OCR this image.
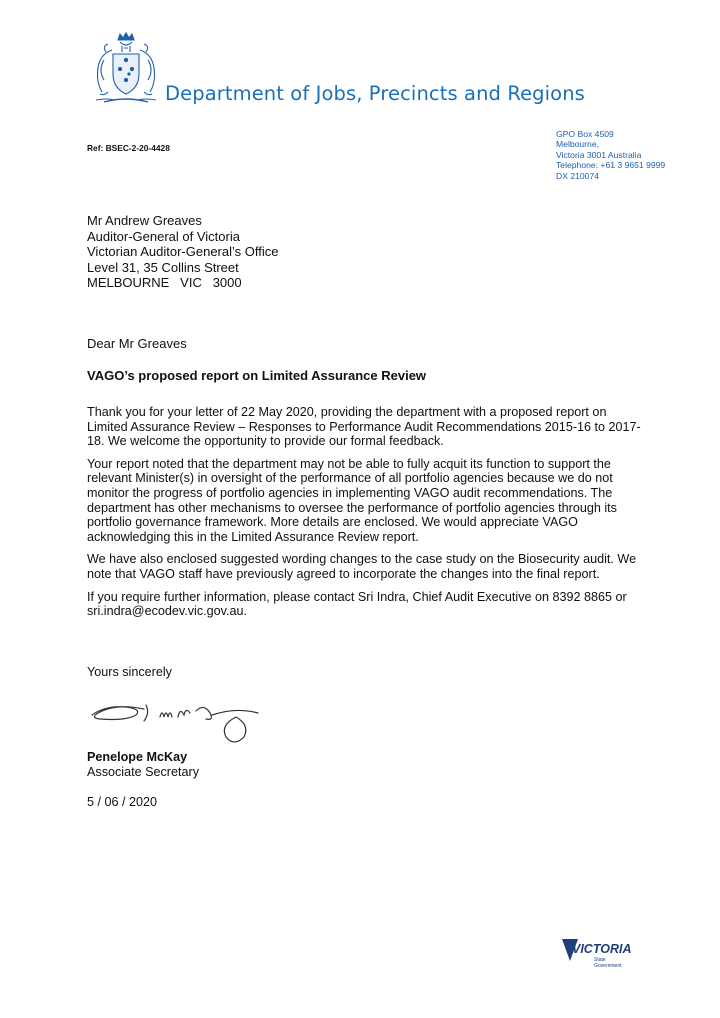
Department of Jobs, Precincts and Regions
Ref: BSEC-2-20-4428
GPO Box 4509
Melbourne,
Victoria 3001 Australia
Telephone: +61 3 9651 9999
DX 210074
Mr Andrew Greaves
Auditor-General of Victoria
Victorian Auditor-General’s Office
Level 31, 35 Collins Street
MELBOURNE   VIC   3000
Dear Mr Greaves
VAGO’s proposed report on Limited Assurance Review

Thank you for your letter of 22 May 2020, providing the department with a proposed report on Limited Assurance Review – Responses to Performance Audit Recommendations 2015-16 to 2017-18. We welcome the opportunity to provide our formal feedback.

Your report noted that the department may not be able to fully acquit its function to support the relevant Minister(s) in oversight of the performance of all portfolio agencies because we do not monitor the progress of portfolio agencies in implementing VAGO audit recommendations. The department has other mechanisms to oversee the performance of portfolio agencies through its portfolio governance framework. More details are enclosed. We would appreciate VAGO acknowledging this in the Limited Assurance Review report.

We have also enclosed suggested wording changes to the case study on the Biosecurity audit. We note that VAGO staff have previously agreed to incorporate the changes into the final report.

If you require further information, please contact Sri Indra, Chief Audit Executive on 8392 8865 or sri.indra@ecodev.vic.gov.au.

Yours sincerely
Penelope McKay
Associate Secretary
5 / 06 / 2020
VICTORIA
State
Government
